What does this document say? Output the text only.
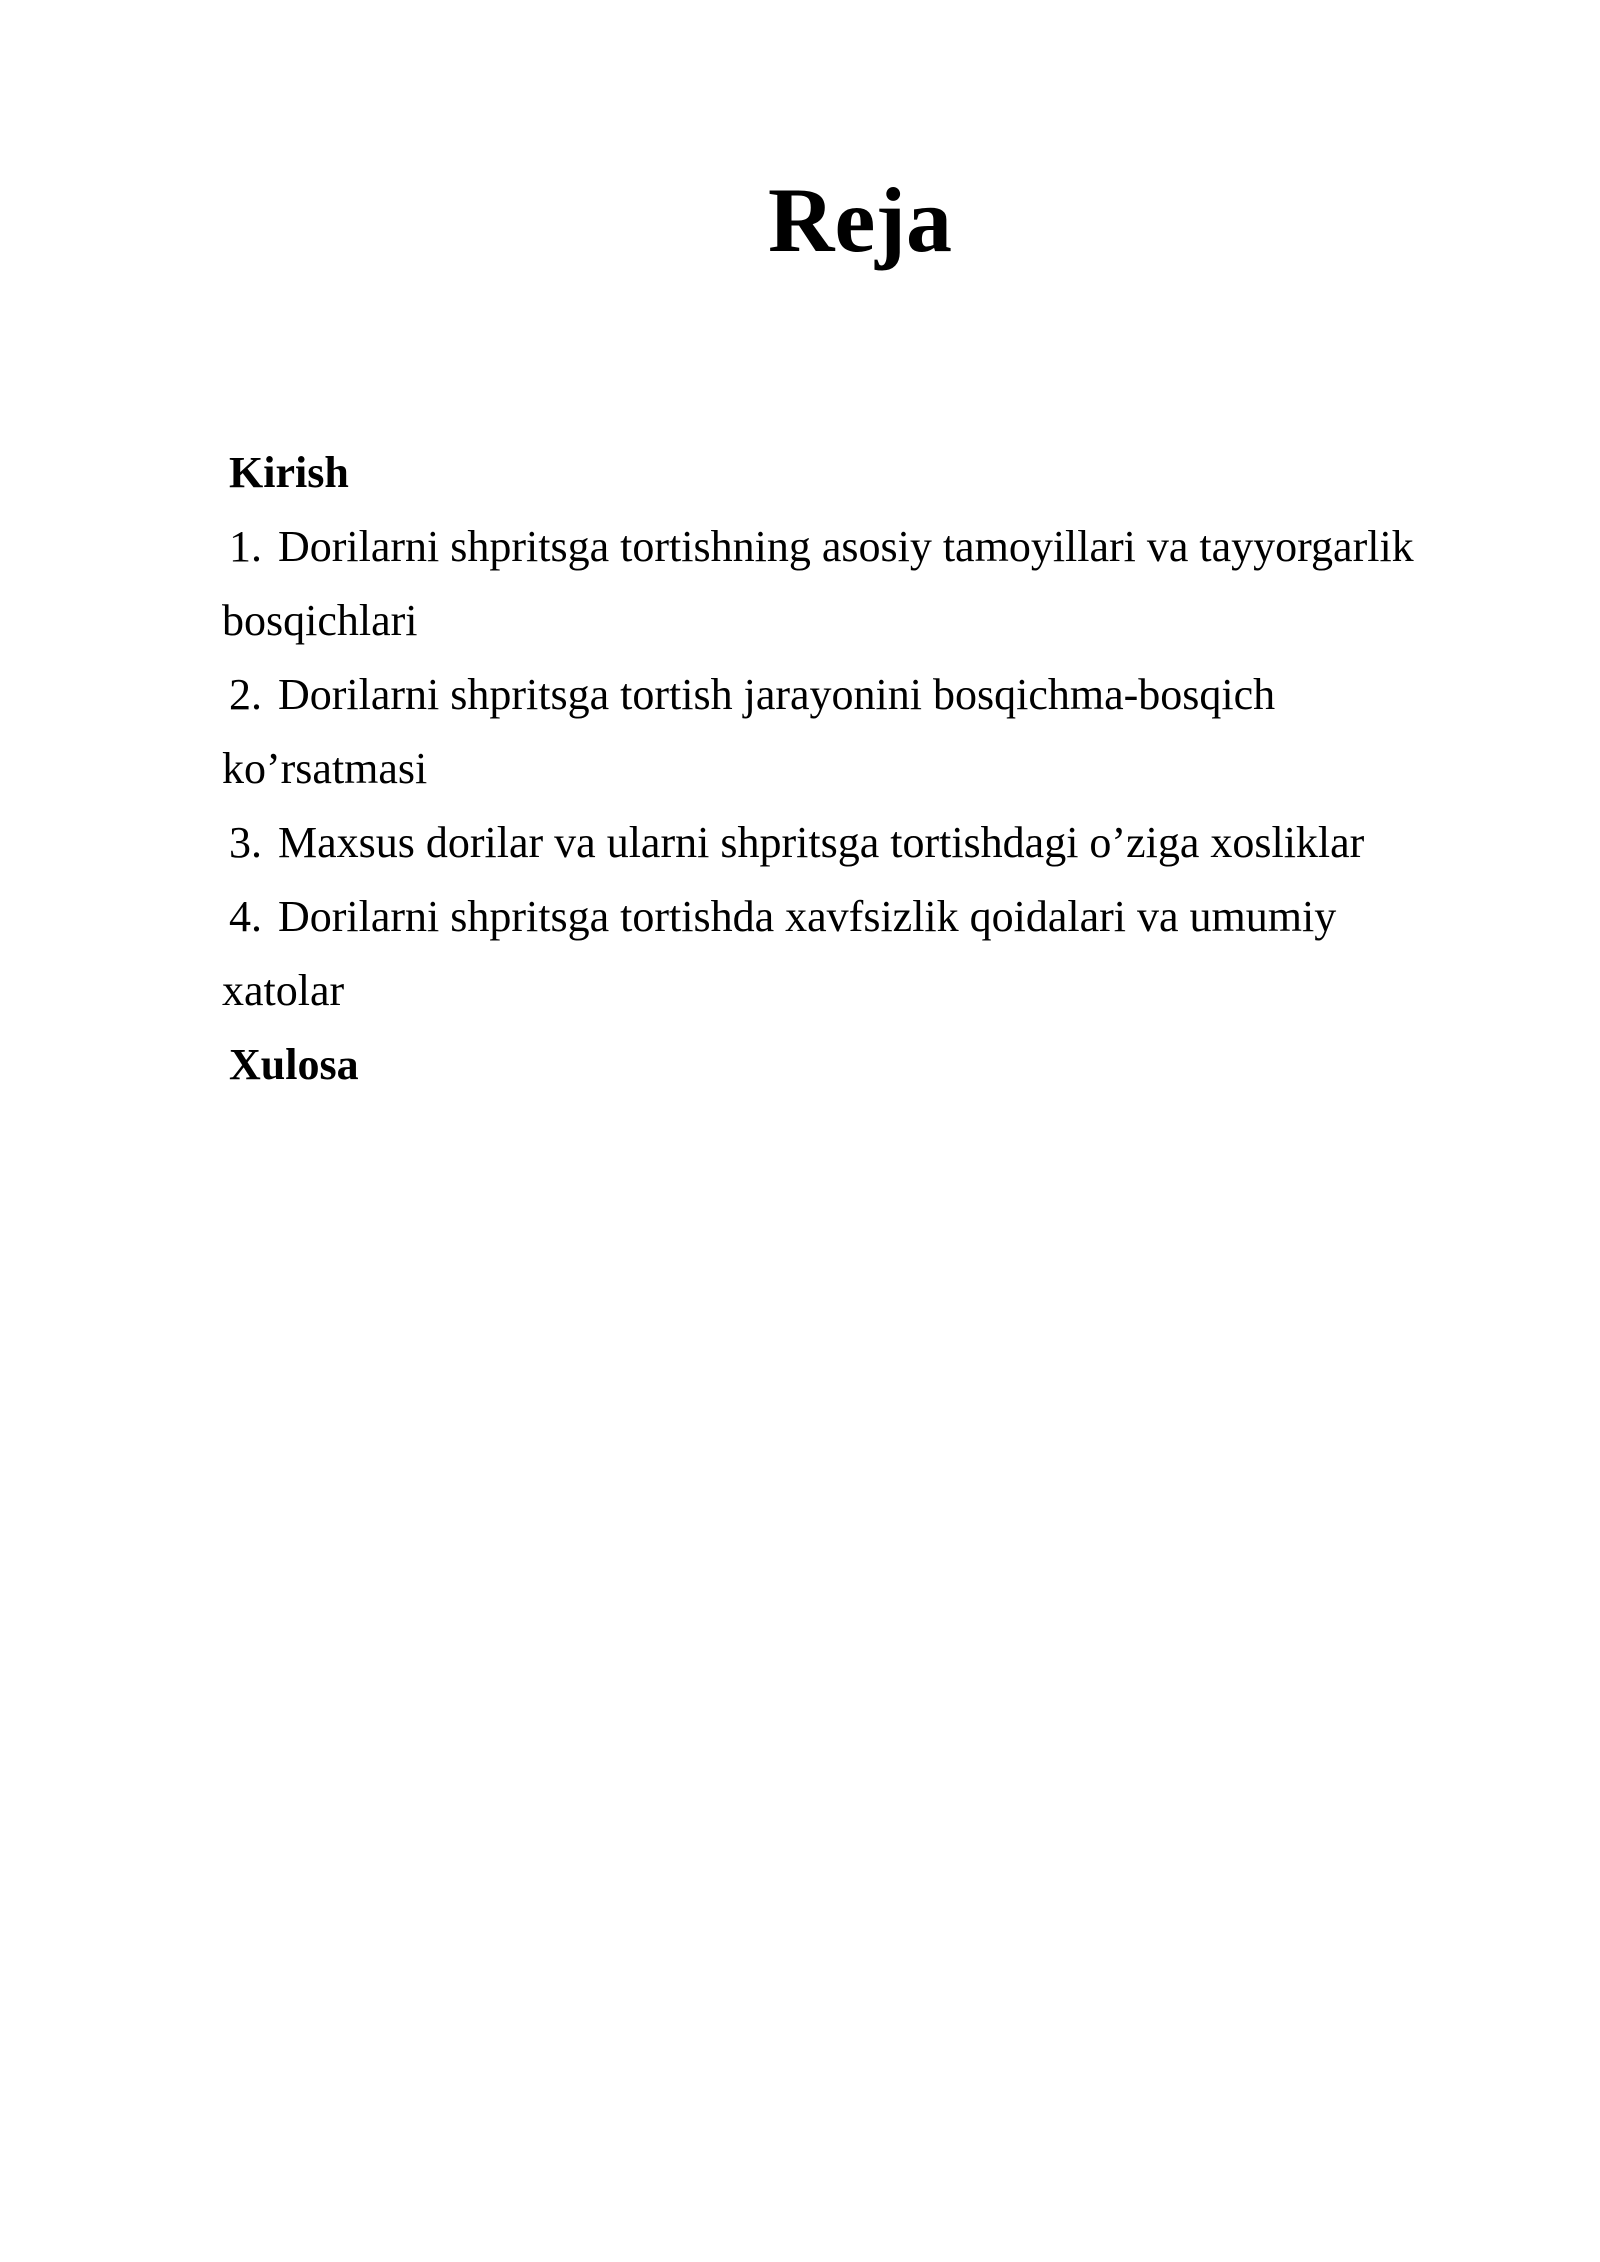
Reja

Kirish

1. Dorilarni shpritsga tortishning asosiy tamoyillari va tayyorgarlik
bosqichlari
2. Dorilarni shpritsga tortish jarayonini bosqichma-bosqich
ko’rsatmasi
3. Maxsus dorilar va ularni shpritsga tortishdagi o’ziga xosliklar
4. Dorilarni shpritsga tortishda xavfsizlik qoidalari va umumiy
xatolar

Xulosa
